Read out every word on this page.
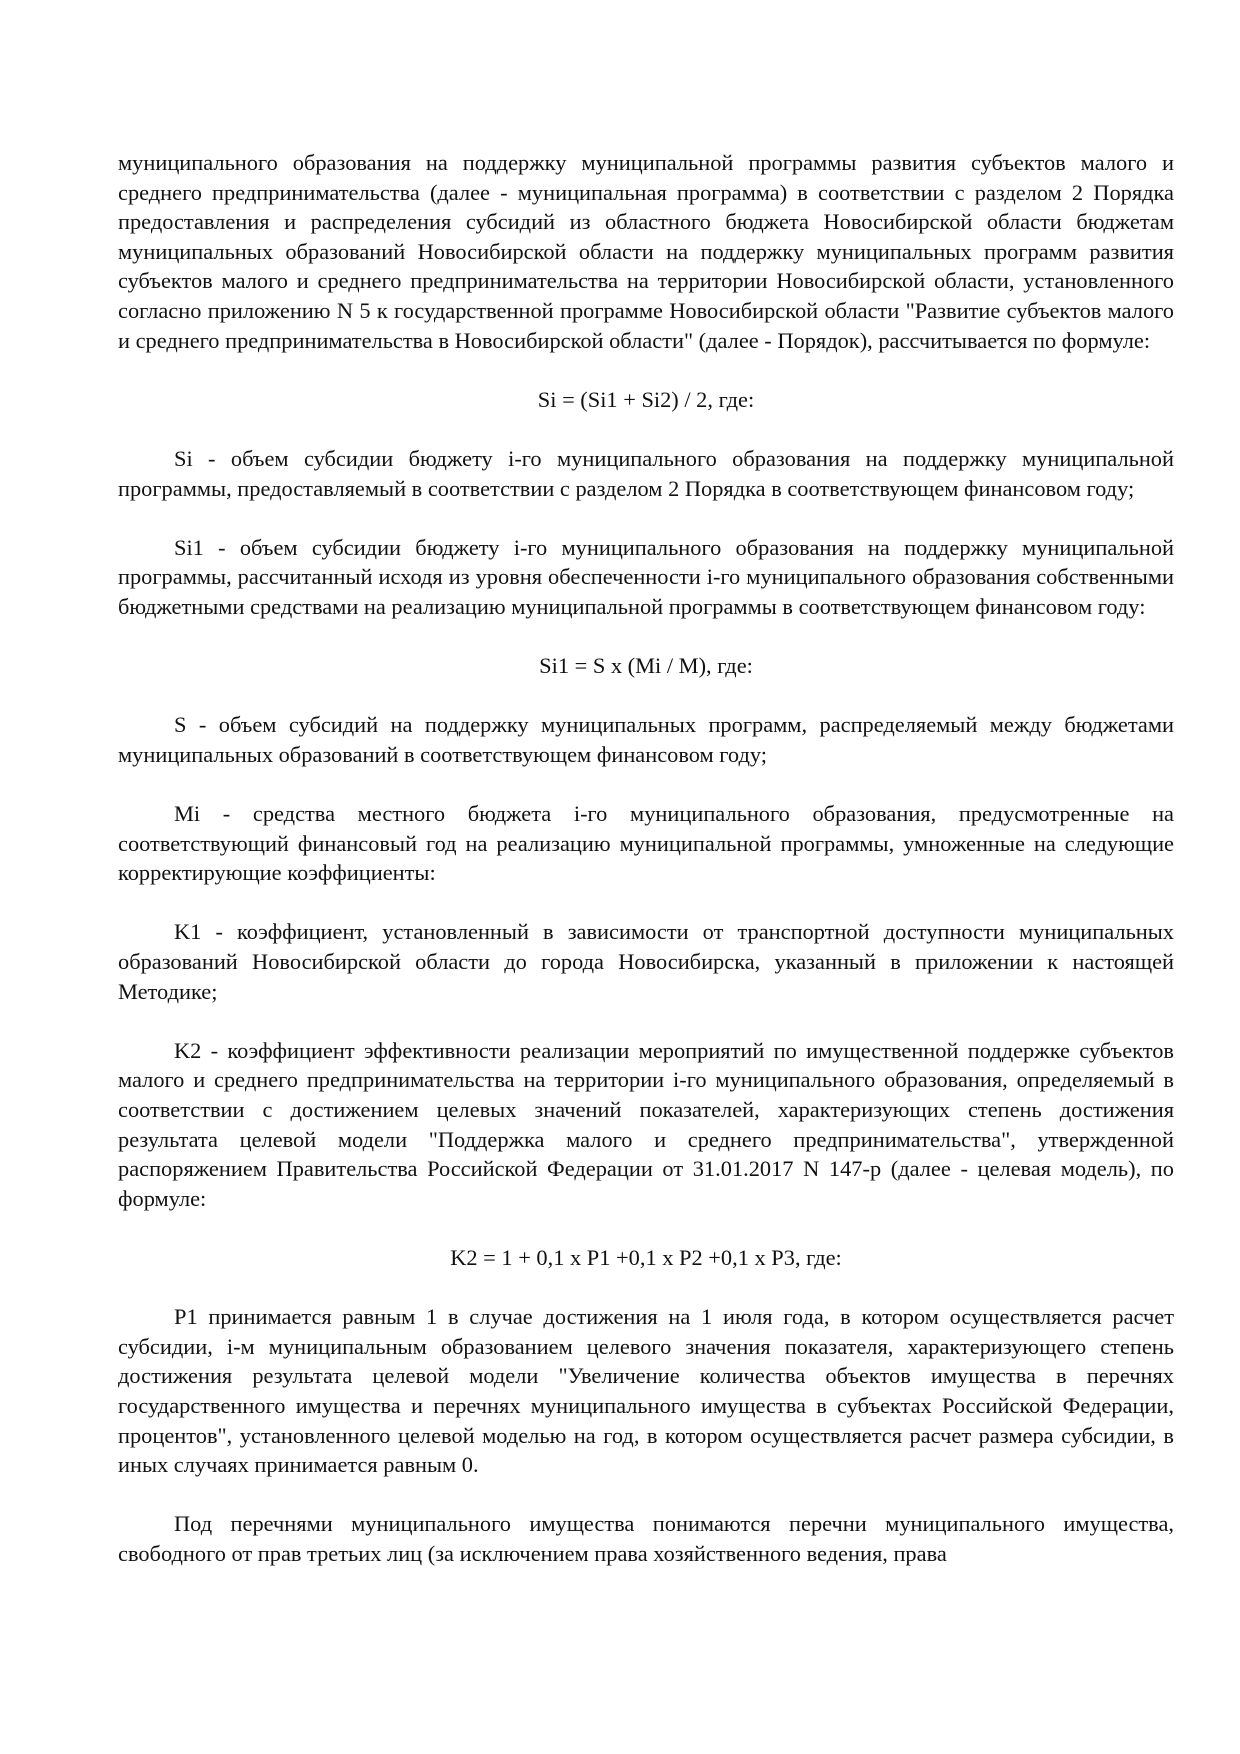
муниципального образования на поддержку муниципальной программы развития субъектов малого и среднего предпринимательства (далее - муниципальная программа) в соответствии с разделом 2 Порядка предоставления и распределения субсидий из областного бюджета Новосибирской области бюджетам муниципальных образований Новосибирской области на поддержку муниципальных программ развития субъектов малого и среднего предпринимательства на территории Новосибирской области, установленного согласно приложению N 5 к государственной программе Новосибирской области "Развитие субъектов малого и среднего предпринимательства в Новосибирской области" (далее - Порядок), рассчитывается по формуле:

Si = (Si1 + Si2) / 2, где:

Si - объем субсидии бюджету i-го муниципального образования на поддержку муниципальной программы, предоставляемый в соответствии с разделом 2 Порядка в соответствующем финансовом году;

Si1 - объем субсидии бюджету i-го муниципального образования на поддержку муниципальной программы, рассчитанный исходя из уровня обеспеченности i-го муниципального образования собственными бюджетными средствами на реализацию муниципальной программы в соответствующем финансовом году:

Si1 = S x (Mi / M), где:

S - объем субсидий на поддержку муниципальных программ, распределяемый между бюджетами муниципальных образований в соответствующем финансовом году;

Mi - средства местного бюджета i-го муниципального образования, предусмотренные на соответствующий финансовый год на реализацию муниципальной программы, умноженные на следующие корректирующие коэффициенты:

K1 - коэффициент, установленный в зависимости от транспортной доступности муниципальных образований Новосибирской области до города Новосибирска, указанный в приложении к настоящей Методике;

K2 - коэффициент эффективности реализации мероприятий по имущественной поддержке субъектов малого и среднего предпринимательства на территории i-го муниципального образования, определяемый в соответствии с достижением целевых значений показателей, характеризующих степень достижения результата целевой модели "Поддержка малого и среднего предпринимательства", утвержденной распоряжением Правительства Российской Федерации от 31.01.2017 N 147-р (далее - целевая модель), по формуле:

K2 = 1 + 0,1 x P1 +0,1 x P2 +0,1 x P3, где:

P1 принимается равным 1 в случае достижения на 1 июля года, в котором осуществляется расчет субсидии, i-м муниципальным образованием целевого значения показателя, характеризующего степень достижения результата целевой модели "Увеличение количества объектов имущества в перечнях государственного имущества и перечнях муниципального имущества в субъектах Российской Федерации, процентов", установленного целевой моделью на год, в котором осуществляется расчет размера субсидии, в иных случаях принимается равным 0.

Под перечнями муниципального имущества понимаются перечни муниципального имущества, свободного от прав третьих лиц (за исключением права хозяйственного ведения, права
